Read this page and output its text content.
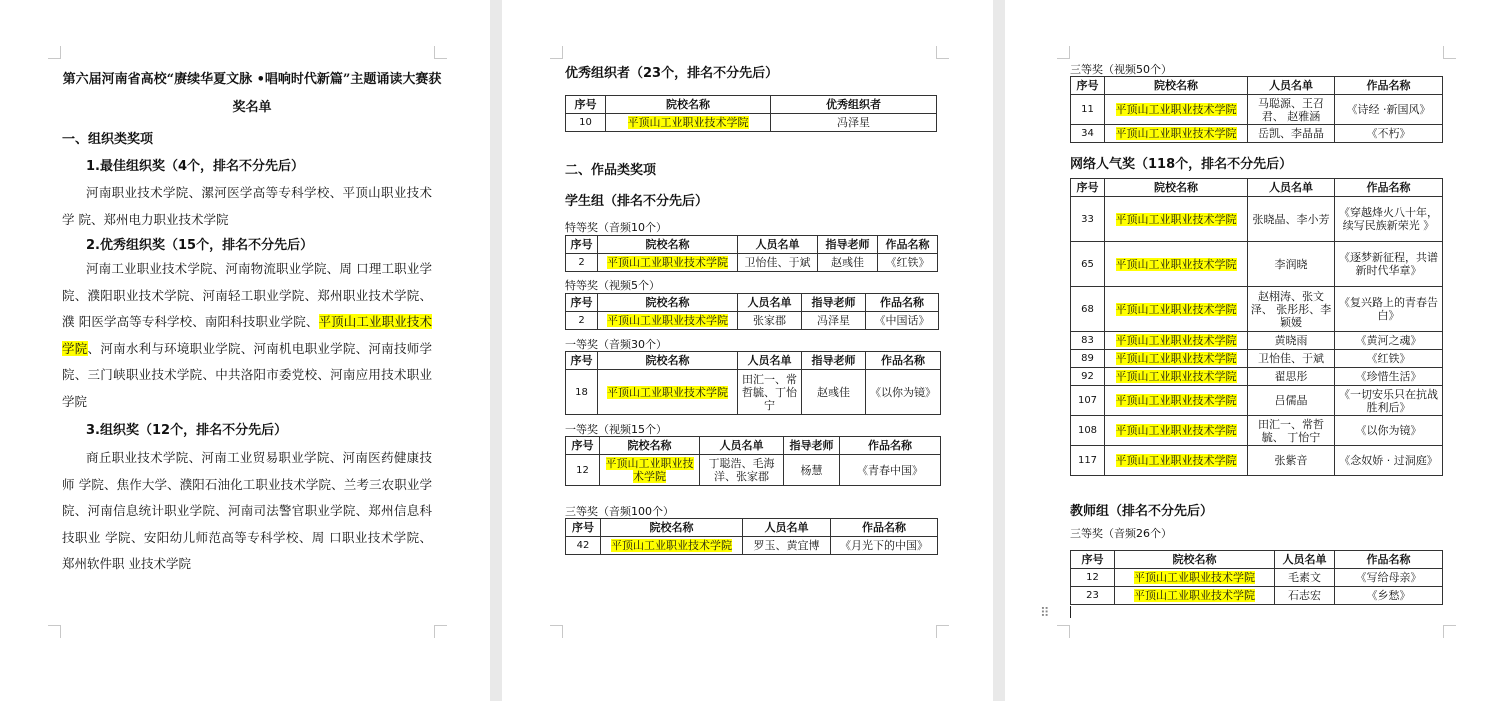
第六届河南省高校“赓续华夏文脉 •唱响时代新篇”主题诵读大赛获奖名单
一、组织类奖项
1.最佳组织奖（4个，排名不分先后）
河南职业技术学院、漯河医学高等专科学校、平顶山职业技术学 院、郑州电力职业技术学院
2.优秀组织奖（15个，排名不分先后）
河南工业职业技术学院、河南物流职业学院、周 口理工职业学院、濮阳职业技术学院、河南轻工职业学院、郑州职业技术学院、濮 阳医学高等专科学校、南阳科技职业学院、平顶山工业职业技术学院、河南水利与环境职业学院、河南机电职业学院、河南技师学院、三门峡职业技术学院、中共洛阳市委党校、河南应用技术职业学院
3.组织奖（12个，排名不分先后）
商丘职业技术学院、河南工业贸易职业学院、河南医药健康技师 学院、焦作大学、濮阳石油化工职业技术学院、兰考三农职业学院、河南信息统计职业学院、河南司法警官职业学院、郑州信息科技职业 学院、安阳幼儿师范高等专科学校、周 口职业技术学院、郑州软件职 业技术学院
优秀组织者（23个，排名不分先后）
序号	院校名称	优秀组织者
10	平顶山工业职业技术学院	冯泽星
二、作品类奖项
学生组（排名不分先后）
特等奖（音频10个）
序号	院校名称	人员名单	指导老师	作品名称
2	平顶山工业职业技术学院	卫怡佳、于斌	赵彧佳	《红铁》
特等奖（视频5个）
序号	院校名称	人员名单	指导老师	作品名称
2	平顶山工业职业技术学院	张家郡	冯泽星	《中国话》
一等奖（音频30个）
序号	院校名称	人员名单	指导老师	作品名称
18	平顶山工业职业技术学院	田汇一、常哲毓、丁怡宁	赵彧佳	《以你为镜》
一等奖（视频15个）
序号	院校名称	人员名单	指导老师	作品名称
12	平顶山工业职业技术学院	丁聪浩、毛海洋、张家郡	杨慧	《青春中国》
三等奖（音频100个）
序号	院校名称	人员名单	作品名称
42	平顶山工业职业技术学院	罗玉、黄宜博	《月光下的中国》
三等奖（视频50个）
序号	院校名称	人员名单	作品名称
11	平顶山工业职业技术学院	马聪源、王召君、 赵雅涵	《诗经 ·新国风》
34	平顶山工业职业技术学院	岳凯、李晶晶	《不朽》
网络人气奖（118个，排名不分先后）
序号	院校名称	人员名单	作品名称
33	平顶山工业职业技术学院	张晓晶、李小芳	《穿越烽火八十年，续写民族新荣光 》
65	平顶山工业职业技术学院	李润晓	《逐梦新征程，共谱新时代华章》
68	平顶山工业职业技术学院	赵栩涛、张文泽、 张彤彤、李颖媛	《复兴路上的青春告白》
83	平顶山工业职业技术学院	黄晓雨	《黄河之魂》
89	平顶山工业职业技术学院	卫怡佳、于斌	《红铁》
92	平顶山工业职业技术学院	翟思彤	《珍惜生活》
107	平顶山工业职业技术学院	吕儒晶	《一切安乐只在抗战胜利后》
108	平顶山工业职业技术学院	田汇一、常哲毓、 丁怡宁	《以你为镜》
117	平顶山工业职业技术学院	张紫音	《念奴娇 · 过洞庭》
教师组（排名不分先后）
三等奖（音频26个）
序号	院校名称	人员名单	作品名称
12	平顶山工业职业技术学院	毛素文	《写给母亲》
23	平顶山工业职业技术学院	石志宏	《乡愁》
⠿
